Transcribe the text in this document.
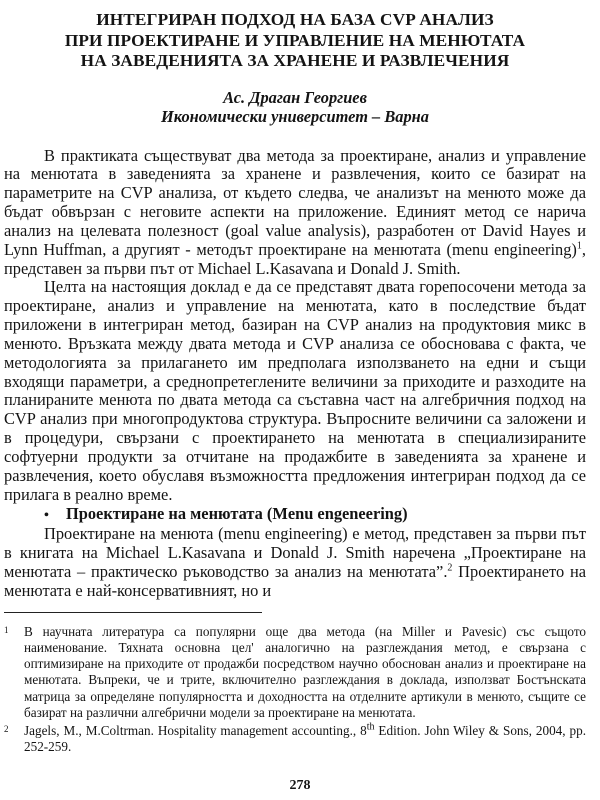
ИНТЕГРИРАН ПОДХОД НА БАЗА CVP АНАЛИЗ
ПРИ ПРОЕКТИРАНЕ И УПРАВЛЕНИЕ НА МЕНЮТАТА
НА ЗАВЕДЕНИЯТА ЗА ХРАНЕНЕ И РАЗВЛЕЧЕНИЯ
Ас. Драган Георгиев
Икономически университет – Варна

В практиката съществуват два метода за проектиране, анализ и управление на менютата в заведенията за хранене и развлечения, които се базират на параметрите на CVP анализа, от където следва, че анализът на менюто може да бъдат обвързан с неговите аспекти на приложение. Единият метод се нарича анализ на целевата полезност (goal value analysis), разработен от David Hayes и Lynn Huffman, а другият - методът проектиране на менютата (menu engineering)$^1$, представен за първи път от Michael L.Kasavana и Donald J. Smith.

Целта на настоящия доклад е да се представят двата горепосочени метода за проектиране, анализ и управление на менютата, като в последствие бъдат приложени в интегриран метод, базиран на CVP анализ на продуктовия микс в менюто. Връзката между двата метода и CVP анализа се обосновава с факта, че методологията за прилагането им предполага използването на едни и същи входящи параметри, а среднопретеглените величини за приходите и разходите на планираните менюта по двата метода са съставна част на алгебричния подход на CVP анализ при многопродуктова структура. Въпросните величини са заложени и в процедури, свързани с проектирането на менютата в специализираните софтуерни продукти за отчитане на продажбите в заведенията за хранене и развлечения, което обуславя възможността предложения интегриран подход да се прилага в реално време.

•	Проектиране на менютата (Menu engeneering)

Проектиране на менюта (menu engineering) е метод, представен за първи път в книгата на Michael L.Kasavana и Donald J. Smith наречена „Проектиране на менютата – практическо ръководство за анализ на менютата”.$^2$ Проектирането на менютата е най-консервативният, но и

1	В научната литература са популярни още два метода (на Miller и Pavesic) със същото наименование. Тяхната основна цел' аналогично на разглеждания метод, е свързана с оптимизиране на приходите от продажби посредством научно обоснован анализ и проектиране на менютата. Въпреки, че и трите, включително разглеждания в доклада, използват Бостънската матрица за определяне популярността и доходността на отделните артикули в менюто, същите се базират на различни алгебрични модели за проектиране на менютата.
2	Jagels, M., M.Coltrman. Hospitality management accounting., 8th Edition. John Wiley & Sons, 2004, pp. 252-259.
278
